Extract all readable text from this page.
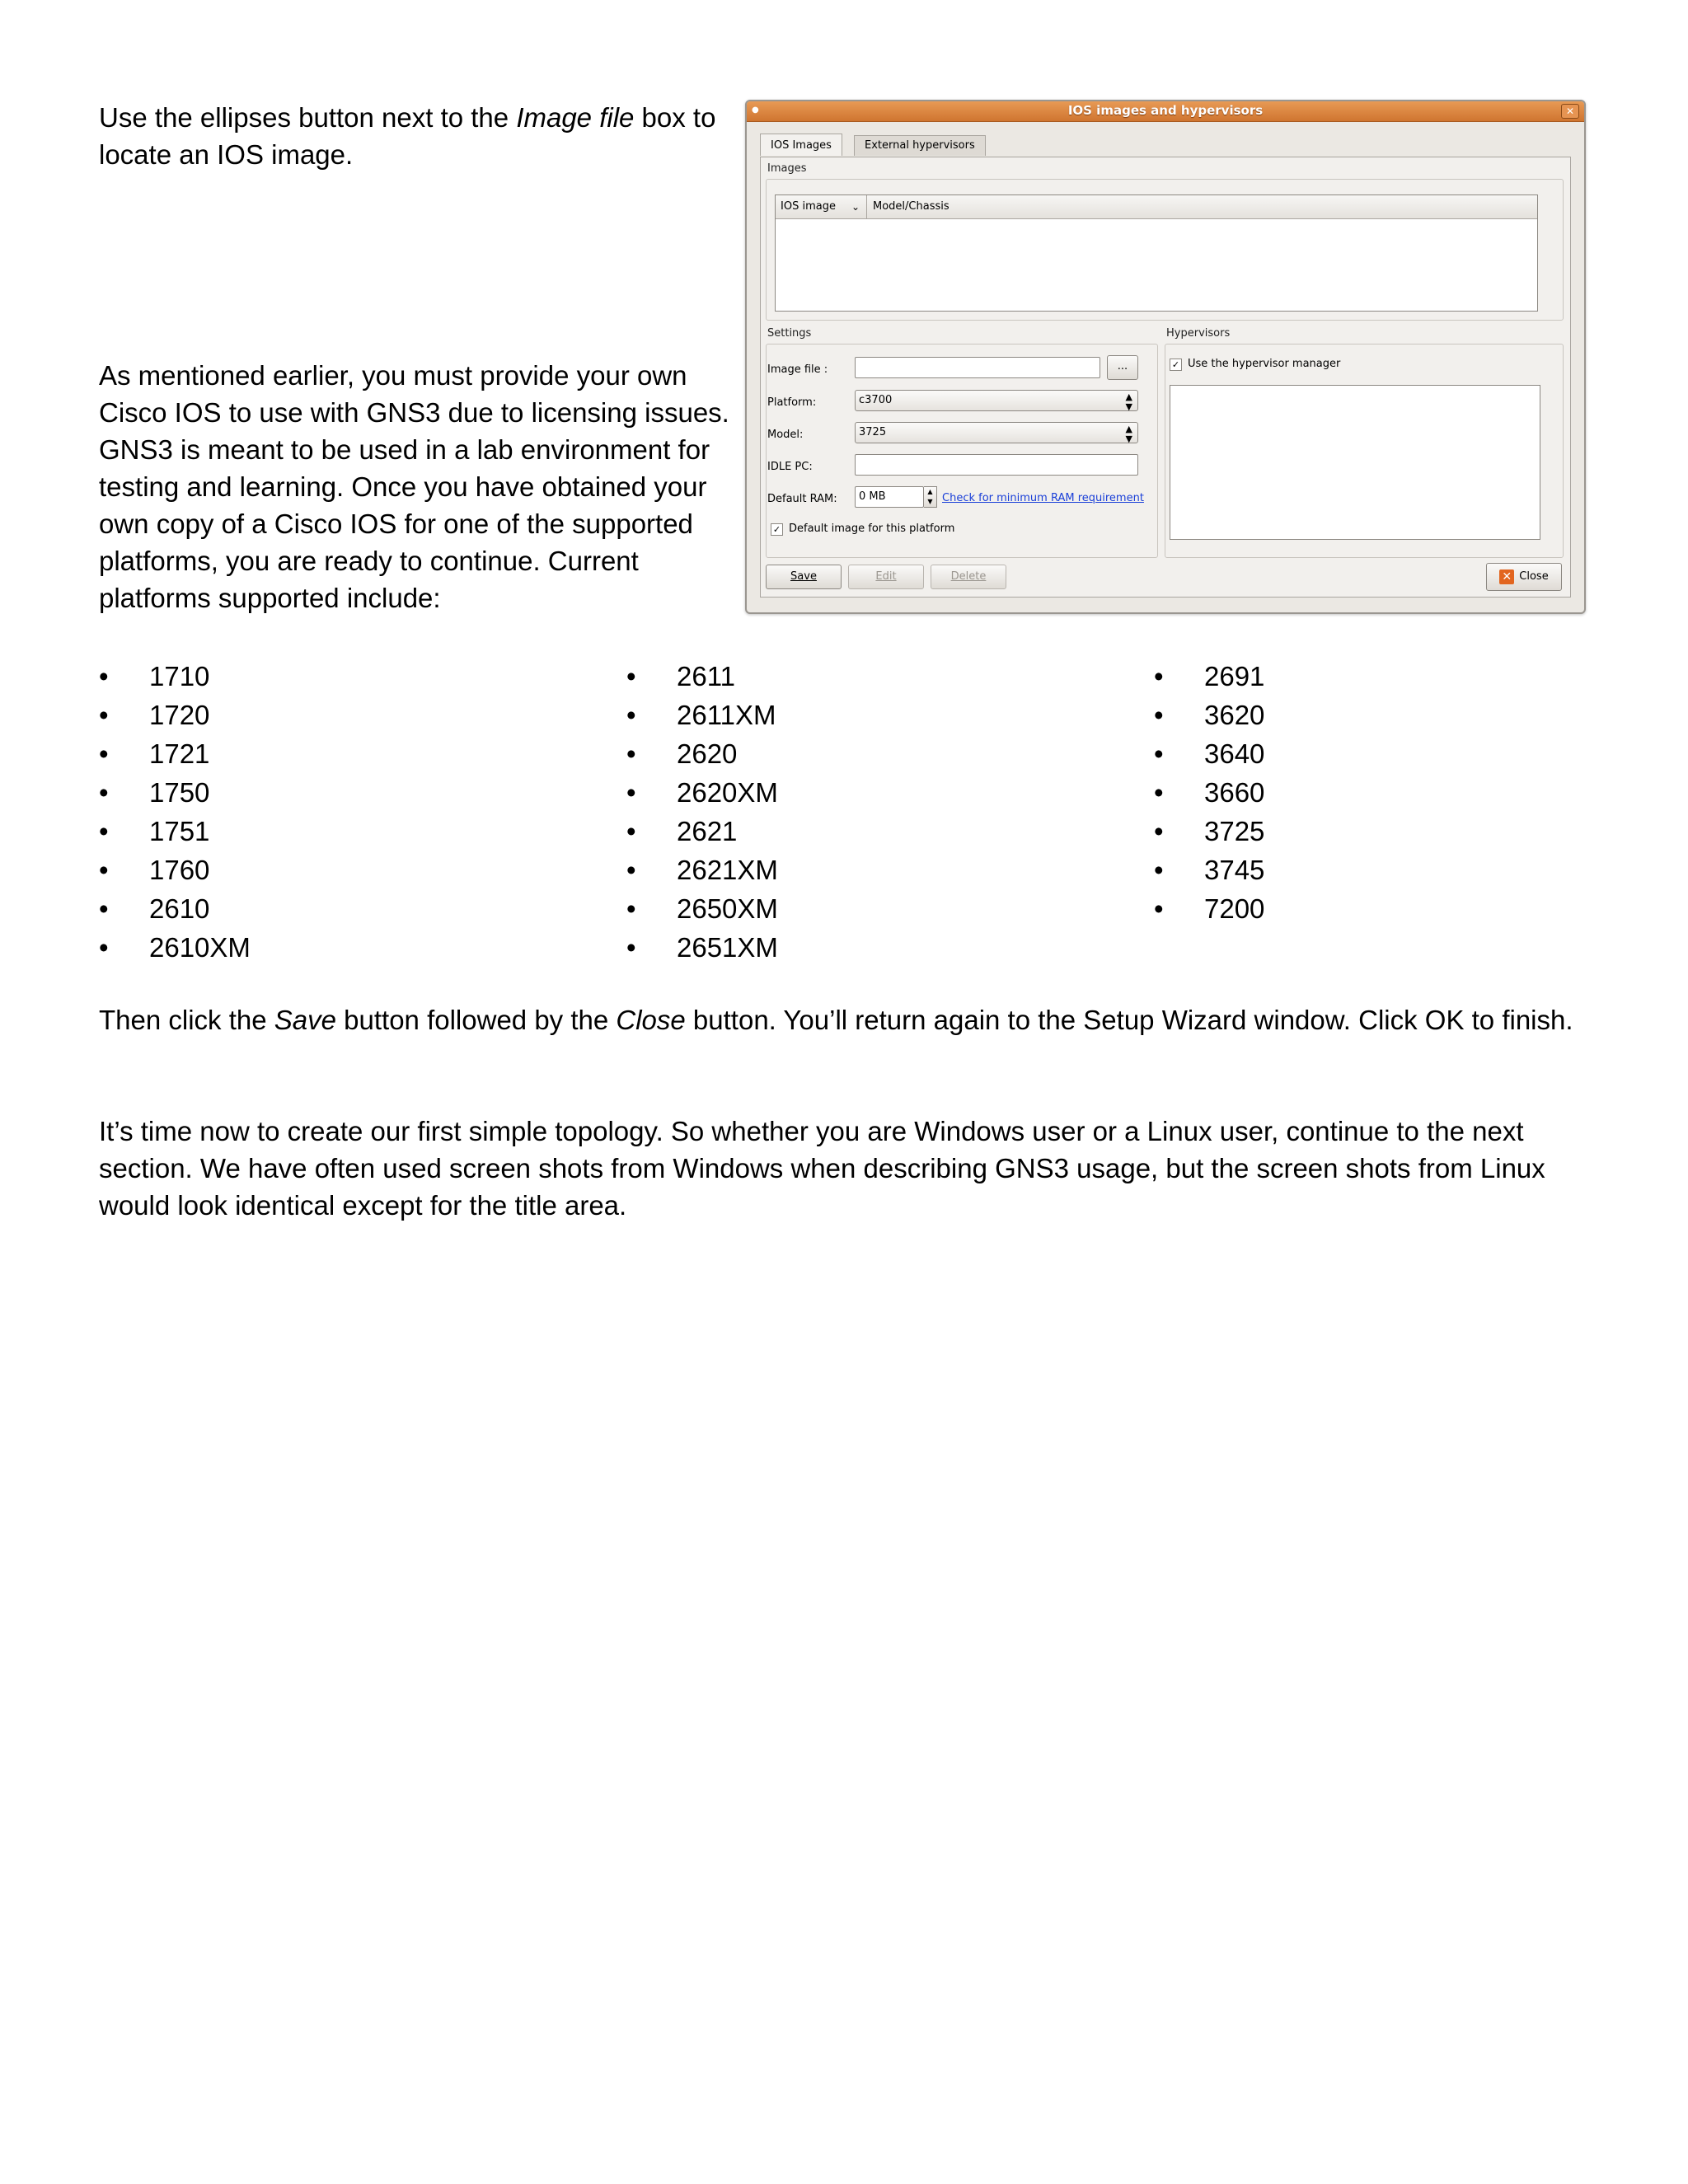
Use the ellipses button next to the Image file box to locate an IOS image.

As mentioned earlier, you must provide your own Cisco IOS to use with GNS3 due to licensing issues. GNS3 is meant to be used in a lab environment for testing and learning. Once you have obtained your own copy of a Cisco IOS for one of the supported platforms, you are ready to continue. Current platforms supported include:

●	IOS images and hypervisors	✕
IOS Images	External hypervisors
Images
IOS image ⌄	Model/Chassis
Settings
Image file :	...
Platform:	c3700	▲
▼
Model:	3725	▲
▼
IDLE PC:
Default RAM:	0 MB	▲
▼ Check for minimum RAM requirement
✓ Default image for this platform
Hypervisors
✓ Use the hypervisor manager
Save	Edit	Delete	✕ Close
• 1710
• 1720
• 1721
• 1750
• 1751
• 1760
• 2610
• 2610XM
• 2611
• 2611XM
• 2620
• 2620XM
• 2621
• 2621XM
• 2650XM
• 2651XM
• 2691
• 3620
• 3640
• 3660
• 3725
• 3745
• 7200

Then click the Save button followed by the Close button. You’ll return again to the Setup Wizard window. Click OK to finish.

It’s time now to create our first simple topology. So whether you are Windows user or a Linux user, continue to the next section. We have often used screen shots from Windows when describing GNS3 usage, but the screen shots from Linux would look identical except for the title area.
